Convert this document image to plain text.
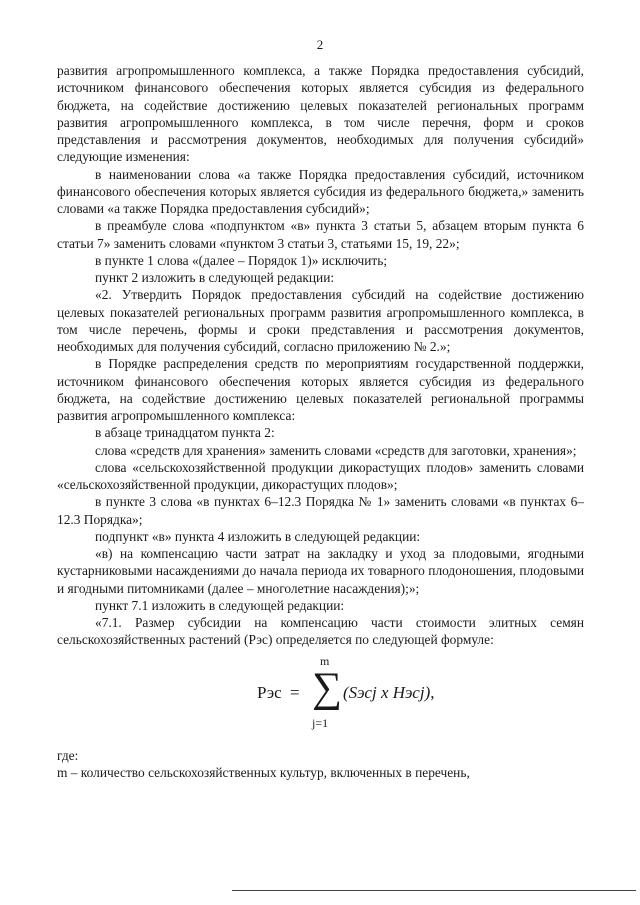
2

развития агропромышленного комплекса, а также Порядка предоставления субсидий, источником финансового обеспечения которых является субсидия из федерального бюджета, на содействие достижению целевых показателей региональных программ развития агропромышленного комплекса, в том числе перечня, форм и сроков представления и рассмотрения документов, необходимых для получения субсидий» следующие изменения:

в наименовании слова «а также Порядка предоставления субсидий, источником финансового обеспечения которых является субсидия из федерального бюджета,» заменить словами «а также Порядка предоставления субсидий»;

в преамбуле слова «подпунктом «в» пункта 3 статьи 5, абзацем вторым пункта 6 статьи 7» заменить словами «пунктом 3 статьи 3, статьями 15, 19, 22»;

в пункте 1 слова «(далее – Порядок 1)» исключить;

пункт 2 изложить в следующей редакции:

«2. Утвердить Порядок предоставления субсидий на содействие достижению целевых показателей региональных программ развития агропромышленного комплекса, в том числе перечень, формы и сроки представления и рассмотрения документов, необходимых для получения субсидий, согласно приложению № 2.»;

в Порядке распределения средств по мероприятиям государственной поддержки, источником финансового обеспечения которых является субсидия из федерального бюджета, на содействие достижению целевых показателей региональной программы развития агропромышленного комплекса:

в абзаце тринадцатом пункта 2:

слова «средств для хранения» заменить словами «средств для заготовки, хранения»;

слова «сельскохозяйственной продукции дикорастущих плодов» заменить словами «сельскохозяйственной продукции, дикорастущих плодов»;

в пункте 3 слова «в пунктах 6–12.3 Порядка № 1» заменить словами «в пунктах 6–12.3 Порядка»;

подпункт «в» пункта 4 изложить в следующей редакции:

«в) на компенсацию части затрат на закладку и уход за плодовыми, ягодными кустарниковыми насаждениями до начала периода их товарного плодоношения, плодовыми и ягодными питомниками (далее – многолетние насаждения);»;

пункт 7.1 изложить в следующей редакции:

«7.1. Размер субсидии на компенсацию части стоимости элитных семян сельскохозяйственных растений (Рэс) определяется по следующей формуле:

Рэс =
m
∑
j=1
(Sэсj х Hэсj),

где:

m – количество сельскохозяйственных культур, включенных в перечень,
